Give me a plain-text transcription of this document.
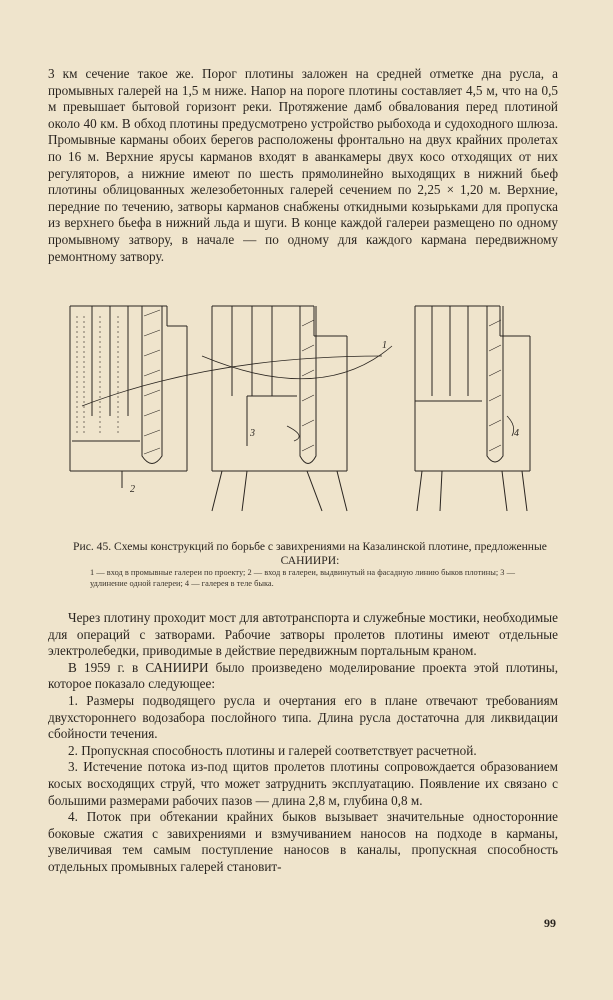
3 км сечение такое же. Порог плотины заложен на средней отметке дна русла, а промывных галерей на 1,5 м ниже. Напор на пороге плотины составляет 4,5 м, что на 0,5 м превышает бытовой горизонт реки. Протяжение дамб обвалования перед плотиной около 40 км. В обход плотины предусмотрено устройство рыбохода и судоходного шлюза. Промывные карманы обоих берегов расположены фронтально на двух крайних пролетах по 16 м. Верхние ярусы карманов входят в аванкамеры двух косо отходящих от них регуляторов, а нижние имеют по шесть прямолинейно выходящих в нижний бьеф плотины облицованных железобетонных галерей сечением по 2,25 × 1,20 м. Верхние, передние по течению, затворы карманов снабжены откидными козырьками для пропуска из верхнего бьефа в нижний льда и шуги. В конце каждой галереи размещено по одному промывному затвору, в начале — по одному для каждого кармана передвижному ремонтному затвору.

1
2
3	4

Рис. 45. Схемы конструкций по борьбе с завихрениями на Казалинской плотине, предложенные САНИИРИ:

1 — вход в промывные галереи по проекту; 2 — вход в галереи, выдвинутый на фасадную линию быков плотины; 3 — удлинение одной галереи; 4 — галерея в теле быка.

Через плотину проходит мост для автотранспорта и служебные мостики, необходимые для операций с затворами. Рабочие затворы пролетов плотины имеют отдельные электролебедки, приводимые в действие передвижным портальным краном.

В 1959 г. в САНИИРИ было произведено моделирование проекта этой плотины, которое показало следующее:

1. Размеры подводящего русла и очертания его в плане отвечают требованиям двухстороннего водозабора послойного типа. Длина русла достаточна для ликвидации сбойности течения.

2. Пропускная способность плотины и галерей соответствует расчетной.

3. Истечение потока из-под щитов пролетов плотины сопровождается образованием косых восходящих струй, что может затруднить эксплуатацию. Появление их связано с большими размерами рабочих пазов — длина 2,8 м, глубина 0,8 м.

4. Поток при обтекании крайних быков вызывает значительные односторонние боковые сжатия с завихрениями и взмучиванием наносов на подходе в карманы, увеличивая тем самым поступление наносов в каналы, пропускная способность отдельных промывных галерей становит-

99
